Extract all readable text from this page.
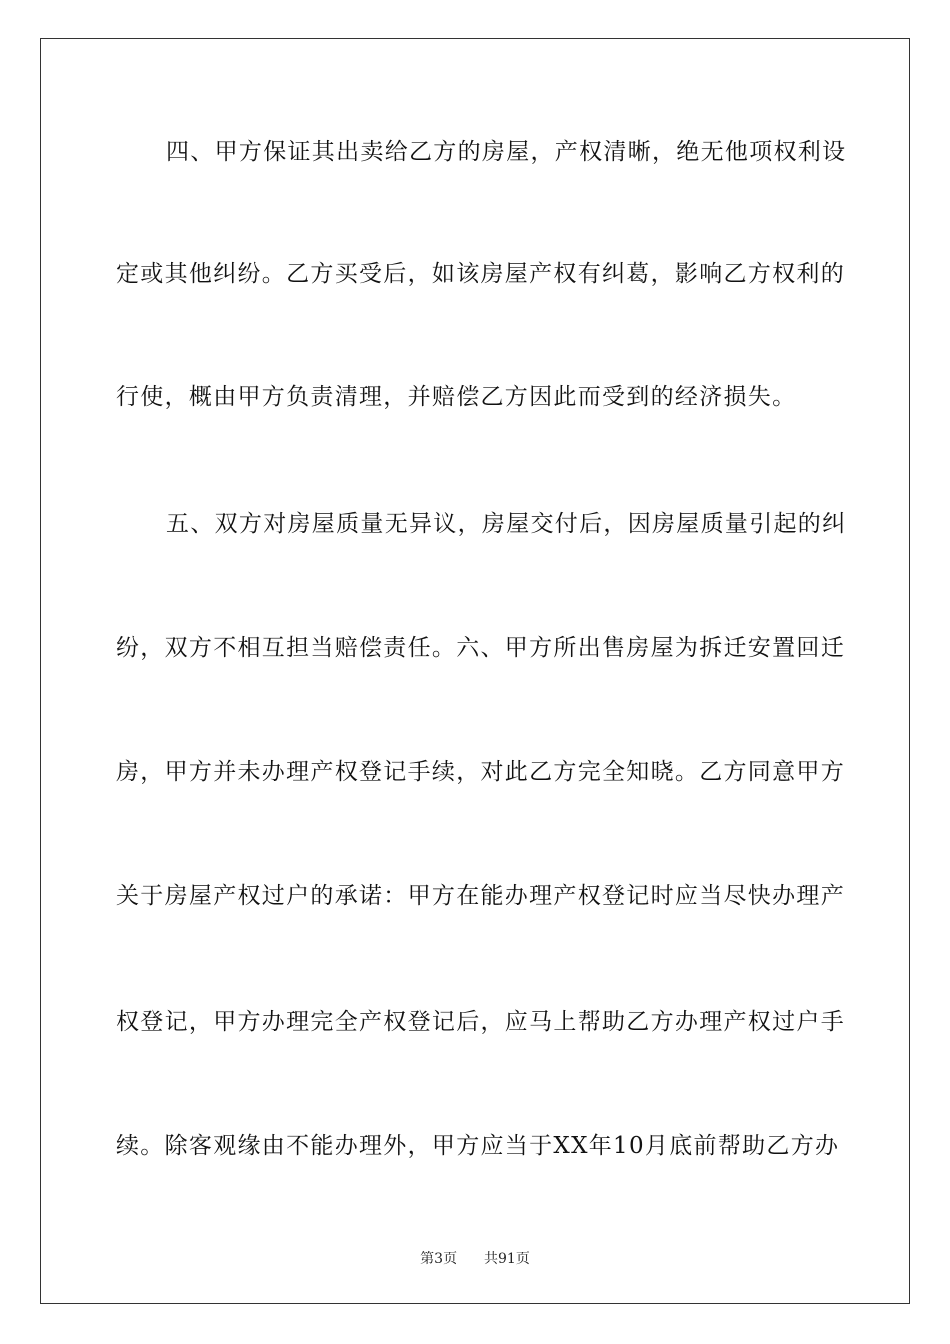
四、甲方保证其出卖给乙方的房屋，产权清晰，绝无他项权利设
定或其他纠纷。乙方买受后，如该房屋产权有纠葛，影响乙方权利的
行使，概由甲方负责清理，并赔偿乙方因此而受到的经济损失。
五、双方对房屋质量无异议，房屋交付后，因房屋质量引起的纠
纷，双方不相互担当赔偿责任。六、甲方所出售房屋为拆迁安置回迁
房，甲方并未办理产权登记手续，对此乙方完全知晓。乙方同意甲方
关于房屋产权过户的承诺：甲方在能办理产权登记时应当尽快办理产
权登记，甲方办理完全产权登记后，应马上帮助乙方办理产权过户手
续。除客观缘由不能办理外，甲方应当于XX年10月底前帮助乙方办
第3页 共91页
